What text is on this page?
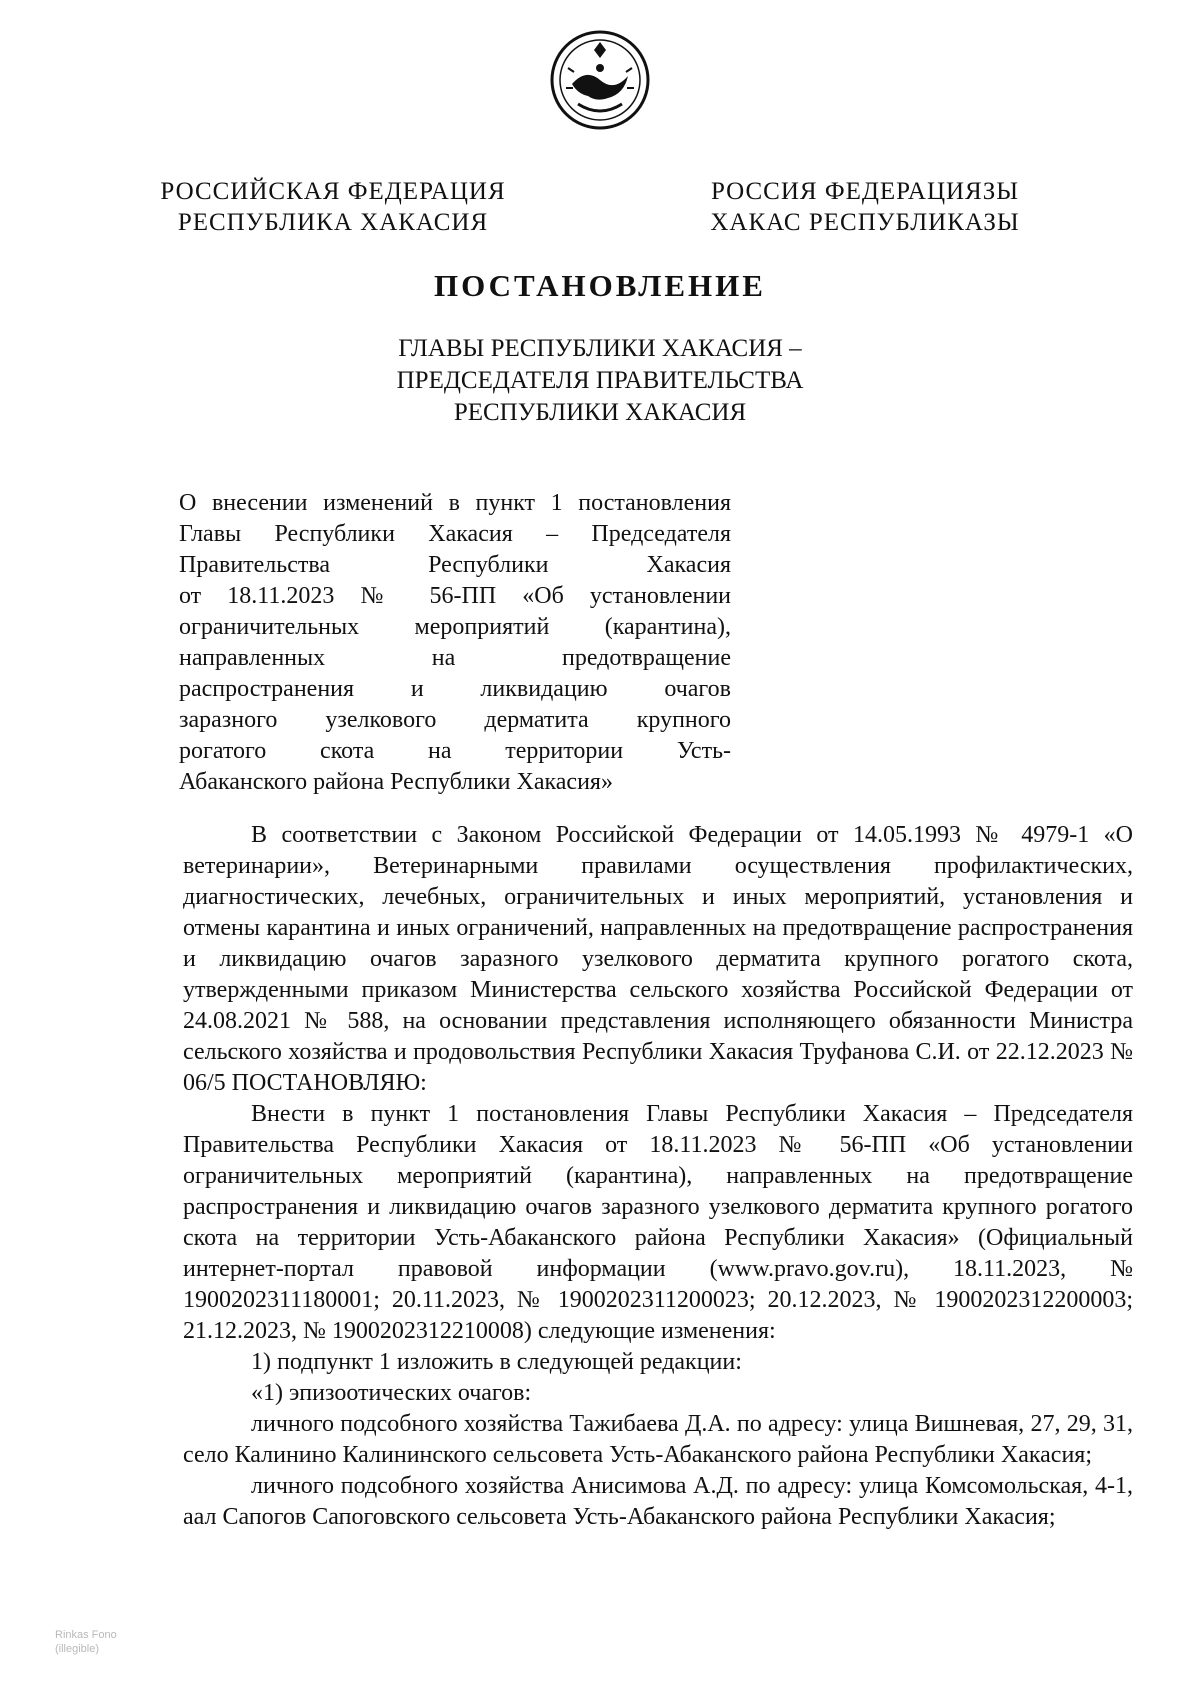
РОССИЙСКАЯ ФЕДЕРАЦИЯ
РЕСПУБЛИКА ХАКАСИЯ
РОССИЯ ФЕДЕРАЦИЯЗЫ
ХАКАС РЕСПУБЛИКАЗЫ
ПОСТАНОВЛЕНИЕ
ГЛАВЫ РЕСПУБЛИКИ ХАКАСИЯ –
ПРЕДСЕДАТЕЛЯ ПРАВИТЕЛЬСТВА
РЕСПУБЛИКИ ХАКАСИЯ
О внесении изменений в пункт 1 постановления
Главы Республики Хакасия – Председателя
Правительства Республики Хакасия
от 18.11.2023 № 56-ПП «Об установлении
ограничительных мероприятий (карантина),
направленных на предотвращение
распространения и ликвидацию очагов
заразного узелкового дерматита крупного
рогатого скота на территории Усть-
Абаканского района Республики Хакасия»

В соответствии с Законом Российской Федерации от 14.05.1993 № 4979-1 «О ветеринарии», Ветеринарными правилами осуществления профилактических, диагностических, лечебных, ограничительных и иных мероприятий, установления и отмены карантина и иных ограничений, направленных на предотвращение распространения и ликвидацию очагов заразного узелкового дерматита крупного рогатого скота, утвержденными приказом Министерства сельского хозяйства Российской Федерации от 24.08.2021 № 588, на основании представления исполняющего обязанности Министра сельского хозяйства и продовольствия Республики Хакасия Труфанова С.И. от 22.12.2023 № 06/5 ПОСТАНОВЛЯЮ:

Внести в пункт 1 постановления Главы Республики Хакасия – Председателя Правительства Республики Хакасия от 18.11.2023 № 56-ПП «Об установлении ограничительных мероприятий (карантина), направленных на предотвращение распространения и ликвидацию очагов заразного узелкового дерматита крупного рогатого скота на территории Усть-Абаканского района Республики Хакасия» (Официальный интернет-портал правовой информации (www.pravo.gov.ru), 18.11.2023, № 1900202311180001; 20.11.2023, № 1900202311200023; 20.12.2023, № 1900202312200003; 21.12.2023, № 1900202312210008) следующие изменения:

1) подпункт 1 изложить в следующей редакции:

«1) эпизоотических очагов:

личного подсобного хозяйства Тажибаева Д.А. по адресу: улица Вишневая, 27, 29, 31, село Калинино Калининского сельсовета Усть-Абаканского района Республики Хакасия;

личного подсобного хозяйства Анисимова А.Д. по адресу: улица Комсомольская, 4-1, аал Сапогов Сапоговского сельсовета Усть-Абаканского района Республики Хакасия;

Rinkas Fono
(illegible)
